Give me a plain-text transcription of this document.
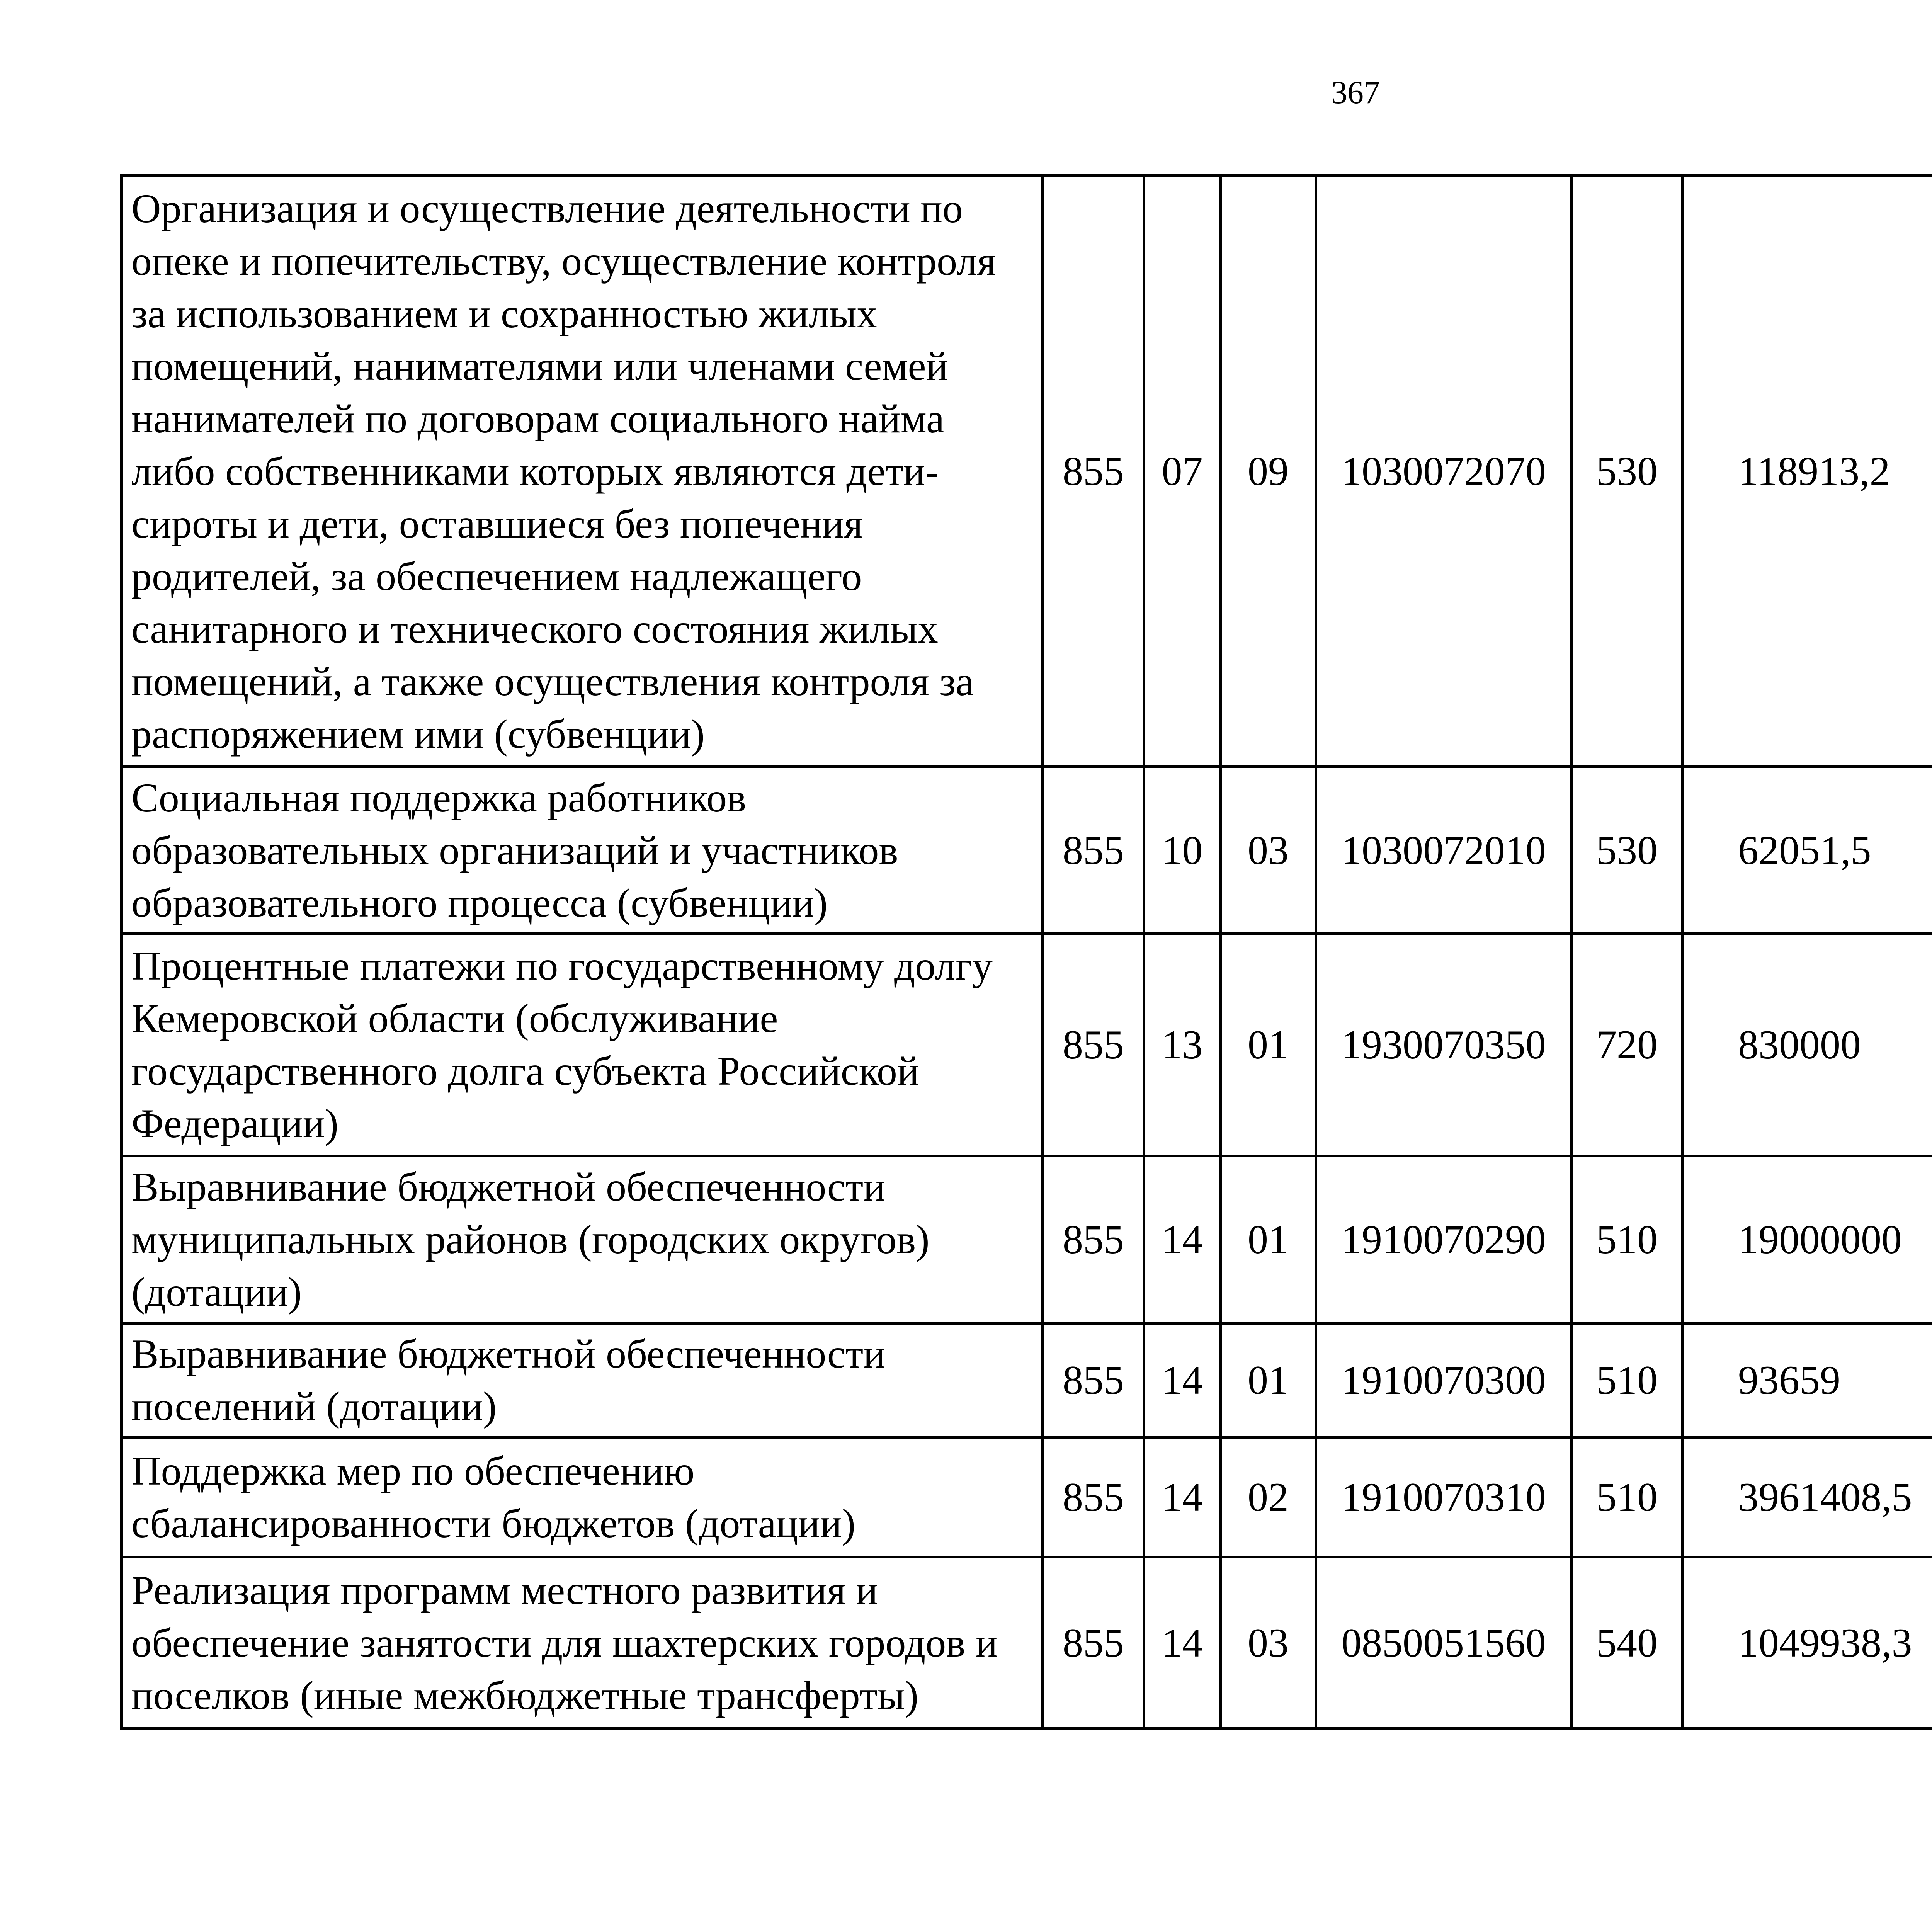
367
Организация и осуществление деятельности по опеке и попечительству, осуществление контроля за использованием и сохранностью жилых помещений, нанимателями или членами семей нанимателей по договорам социального найма либо собственниками которых являются дети-сироты и дети, оставшиеся без попечения родителей, за обеспечением надлежащего санитарного и технического состояния жилых помещений, а также осуществления контроля за распоряжением ими (субвенции)	855	07	09	1030072070	530	118913,2		
Социальная поддержка работников образовательных организаций и участников образовательного процесса (субвенции)	855	10	03	1030072010	530	62051,5		
Процентные платежи по государственному долгу Кемеровской области (обслуживание государственного долга субъекта Российской Федерации)	855	13	01	1930070350	720	830000		
Выравнивание бюджетной обеспеченности муниципальных районов (городских округов) (дотации)	855	14	01	1910070290	510	19000000		
Выравнивание бюджетной обеспеченности поселений (дотации)	855	14	01	1910070300	510	93659		
Поддержка мер по обеспечению сбалансированности бюджетов (дотации)	855	14	02	1910070310	510	3961408,5		
Реализация программ местного развития и обеспечение занятости для шахтерских городов и поселков (иные межбюджетные трансферты)	855	14	03	0850051560	540	1049938,3		
